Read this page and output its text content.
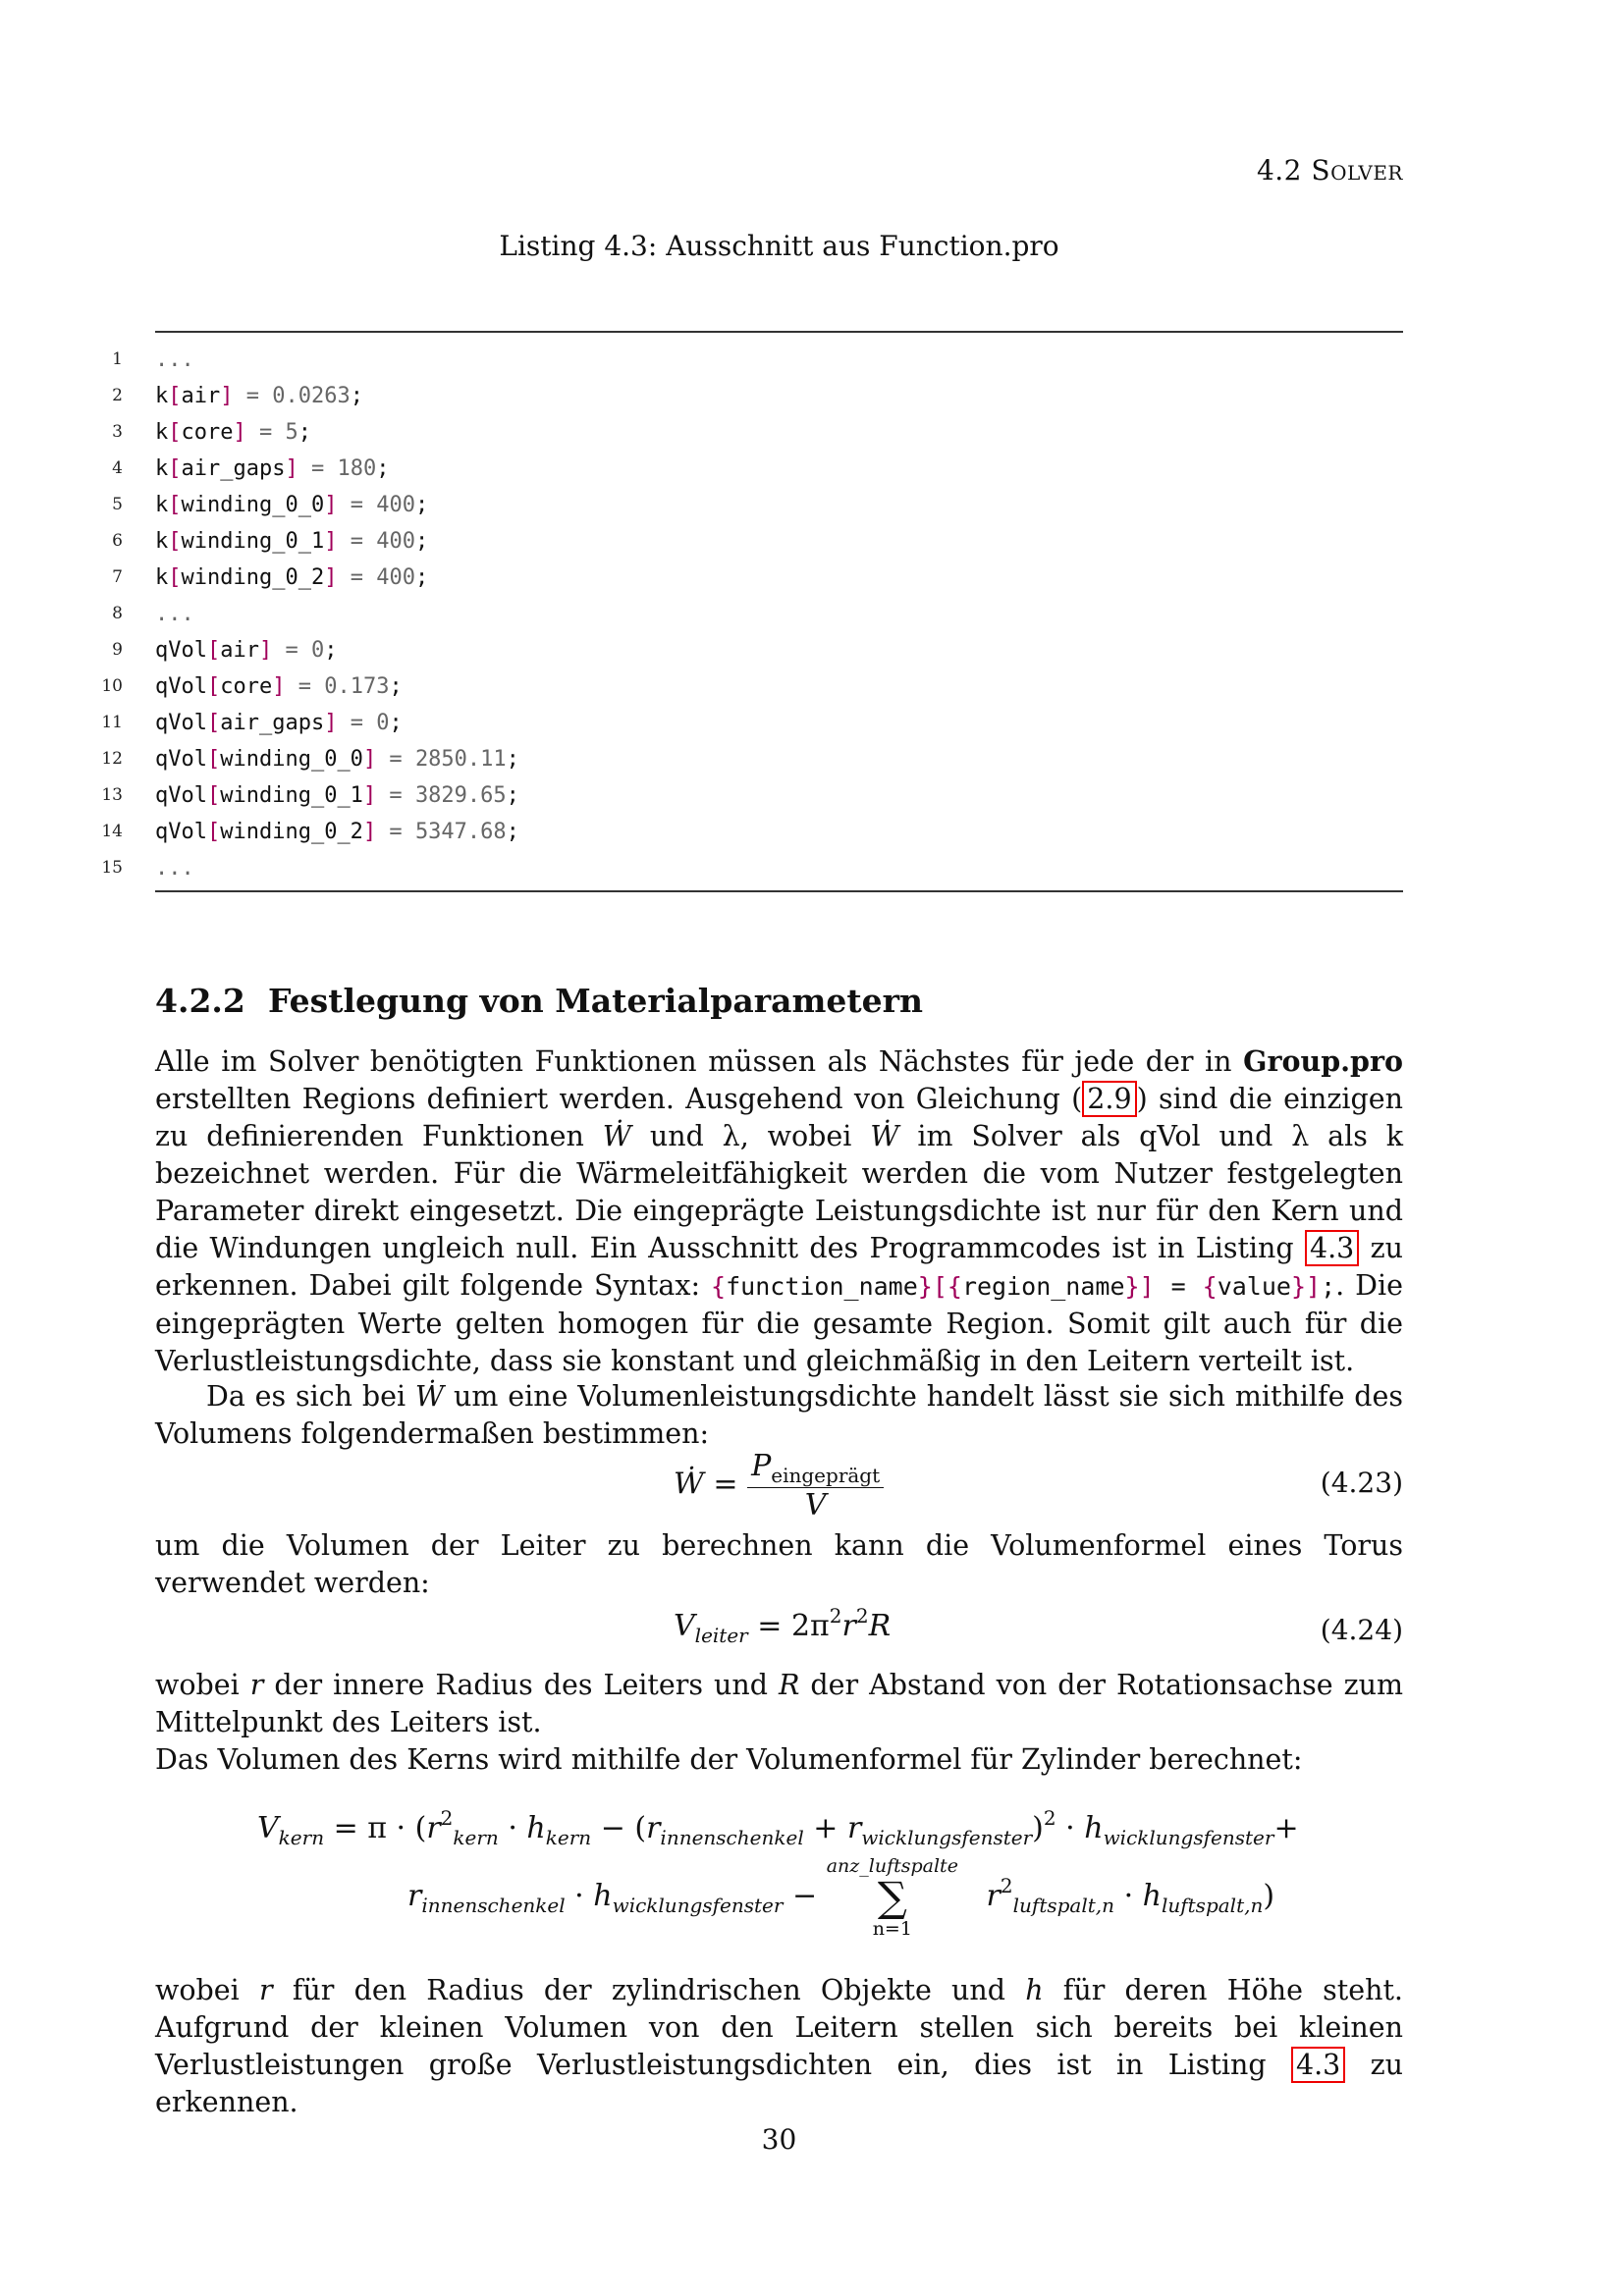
4.2 Solver
Listing 4.3: Ausschnitt aus Function.pro
1 ...
2 k[air] = 0.0263;
3 k[core] = 5;
4 k[air_gaps] = 180;
5 k[winding_0_0] = 400;
6 k[winding_0_1] = 400;
7 k[winding_0_2] = 400;
8 ...
9 qVol[air] = 0;
10 qVol[core] = 0.173;
11 qVol[air_gaps] = 0;
12 qVol[winding_0_0] = 2850.11;
13 qVol[winding_0_1] = 3829.65;
14 qVol[winding_0_2] = 5347.68;
15 ...
4.2.2 Festlegung von Materialparametern
Alle im Solver benötigten Funktionen müssen als Nächstes für jede der in Group.pro erstellten Regions definiert werden. Ausgehend von Gleichung ( 2.9 ) sind die einzigen zu definierenden Funktionen Ẇ und λ, wobei Ẇ im Solver als qVol und λ als k bezeichnet werden. Für die Wärmeleitfähigkeit werden die vom Nutzer festgelegten Parameter direkt eingesetzt. Die eingeprägte Leistungsdichte ist nur für den Kern und die Windungen ungleich null. Ein Ausschnitt des Programmcodes ist in Listing 4.3 zu erkennen. Dabei gilt folgende Syntax: {function_name}[{region_name}] = {value}];. Die eingeprägten Werte gelten homogen für die gesamte Region. Somit gilt auch für die Verlustleistungsdichte, dass sie konstant und gleichmäßig in den Leitern verteilt ist.
Da es sich bei Ẇ um eine Volumenleistungsdichte handelt lässt sie sich mithilfe des Volumens folgendermaßen bestimmen:
Ẇ = $\frac{P_{eingeprägt}}{V}$	(4.23)
um die Volumen der Leiter zu berechnen kann die Volumenformel eines Torus verwendet werden:
$V_{leiter} = 2\pi^2r^2R$	(4.24)
wobei r der innere Radius des Leiters und R der Abstand von der Rotationsachse zum Mittelpunkt des Leiters ist.
Das Volumen des Kerns wird mithilfe der Volumenformel für Zylinder berechnet:
$V_{kern} = \pi \cdot (r^2_{kern} \cdot h_{kern} - (r_{innenschenkel} + r_{wicklungsfenster})^2 \cdot h_{wicklungsfenster}+$
$r_{innenschenkel} \cdot h_{wicklungsfenster}$ −
anz_luftspalte
∑
n=1
$r^2_{luftspalt,n} \cdot h_{luftspalt,n}$)
wobei r für den Radius der zylindrischen Objekte und h für deren Höhe steht. Aufgrund der kleinen Volumen von den Leitern stellen sich bereits bei kleinen Verlustleistungen große Verlustleistungsdichten ein, dies ist in Listing 4.3 zu erkennen.
30
